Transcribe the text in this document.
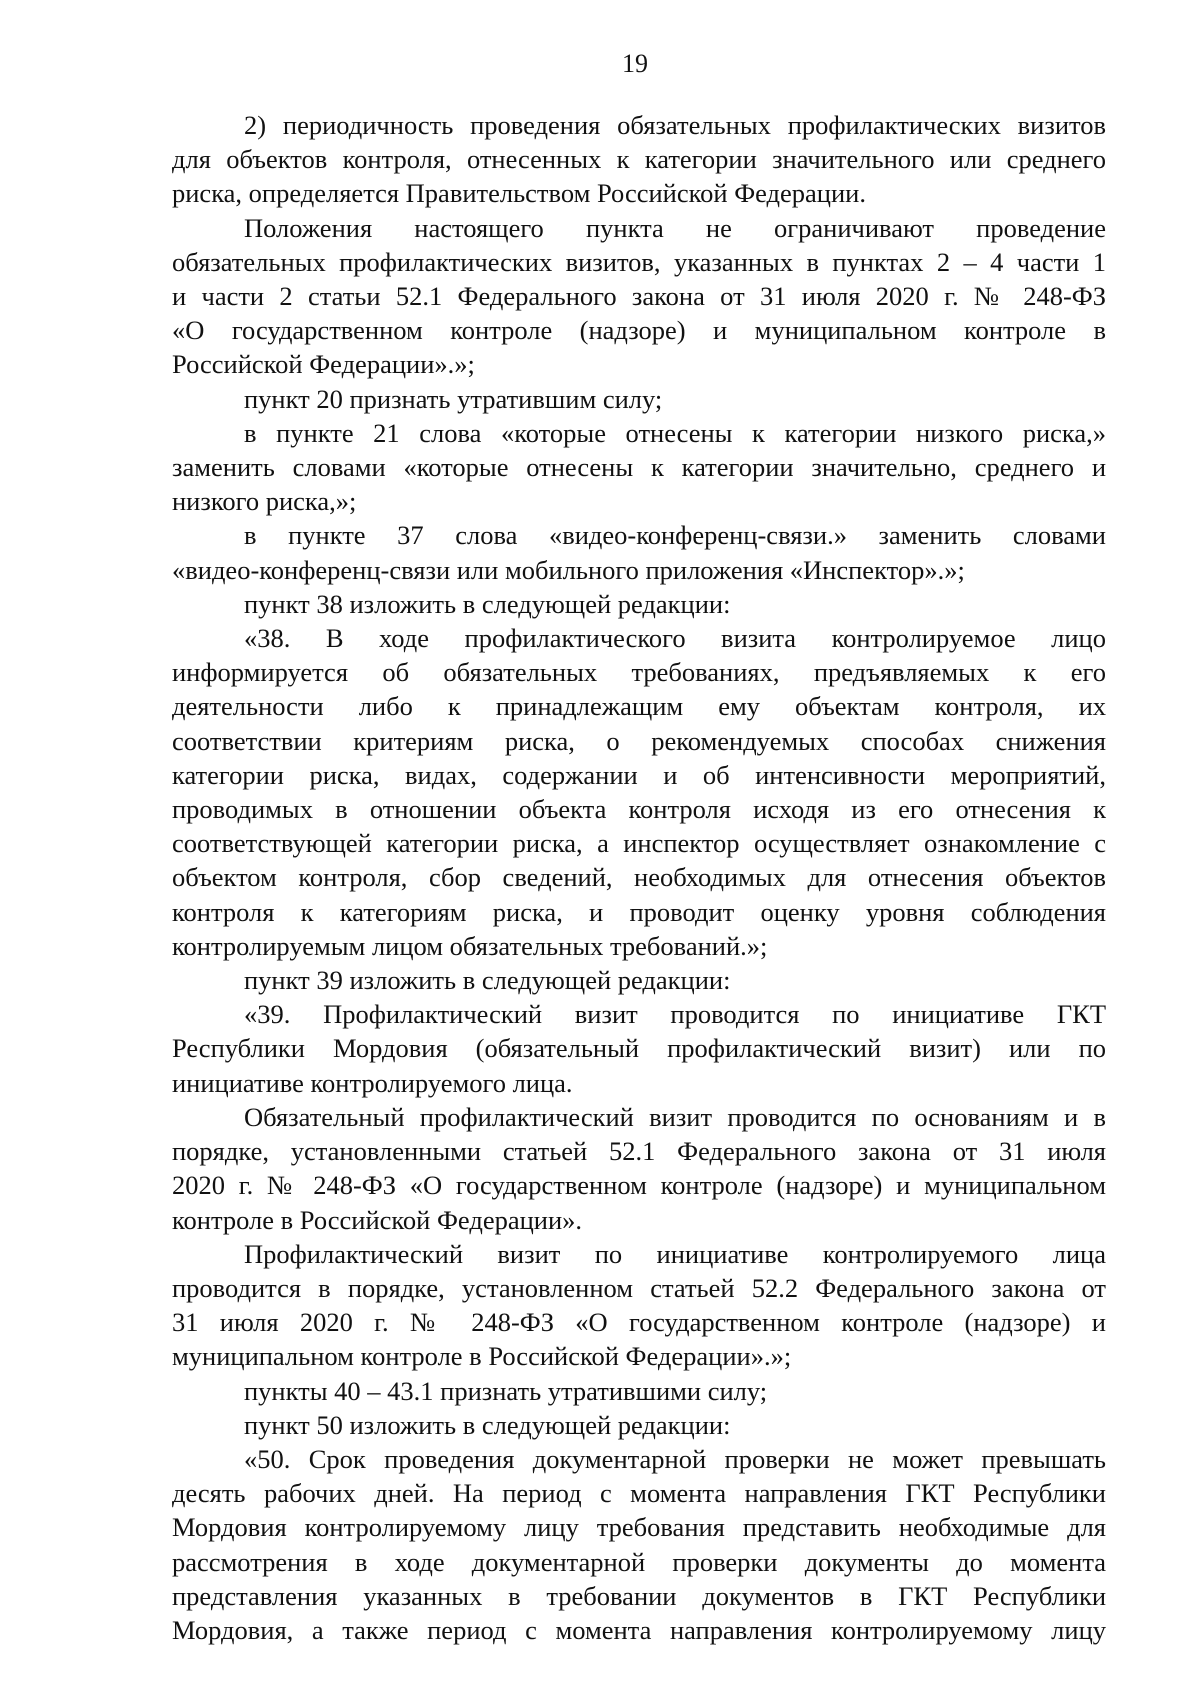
19
2) периодичность проведения обязательных профилактических визитов
для объектов контроля, отнесенных к категории значительного или среднего
риска, определяется Правительством Российской Федерации.
Положения настоящего пункта не ограничивают проведение
обязательных профилактических визитов, указанных в пунктах 2 – 4 части 1
и части 2 статьи 52.1 Федерального закона от 31 июля 2020 г. № 248-ФЗ
«О государственном контроле (надзоре) и муниципальном контроле в
Российской Федерации».»;
пункт 20 признать утратившим силу;
в пункте 21 слова «которые отнесены к категории низкого риска,»
заменить словами «которые отнесены к категории значительно, среднего и
низкого риска,»;
в пункте 37 слова «видео-конференц-связи.» заменить словами
«видео-конференц-связи или мобильного приложения «Инспектор».»;
пункт 38 изложить в следующей редакции:
«38. В ходе профилактического визита контролируемое лицо
информируется об обязательных требованиях, предъявляемых к его
деятельности либо к принадлежащим ему объектам контроля, их
соответствии критериям риска, о рекомендуемых способах снижения
категории риска, видах, содержании и об интенсивности мероприятий,
проводимых в отношении объекта контроля исходя из его отнесения к
соответствующей категории риска, а инспектор осуществляет ознакомление с
объектом контроля, сбор сведений, необходимых для отнесения объектов
контроля к категориям риска, и проводит оценку уровня соблюдения
контролируемым лицом обязательных требований.»;
пункт 39 изложить в следующей редакции:
«39. Профилактический визит проводится по инициативе ГКТ
Республики Мордовия (обязательный профилактический визит) или по
инициативе контролируемого лица.
Обязательный профилактический визит проводится по основаниям и в
порядке, установленными статьей 52.1 Федерального закона от 31 июля
2020 г. № 248-ФЗ «О государственном контроле (надзоре) и муниципальном
контроле в Российской Федерации».
Профилактический визит по инициативе контролируемого лица
проводится в порядке, установленном статьей 52.2 Федерального закона от
31 июля 2020 г. № 248-ФЗ «О государственном контроле (надзоре) и
муниципальном контроле в Российской Федерации».»;
пункты 40 – 43.1 признать утратившими силу;
пункт 50 изложить в следующей редакции:
«50. Срок проведения документарной проверки не может превышать
десять рабочих дней. На период с момента направления ГКТ Республики
Мордовия контролируемому лицу требования представить необходимые для
рассмотрения в ходе документарной проверки документы до момента
представления указанных в требовании документов в ГКТ Республики
Мордовия, а также период с момента направления контролируемому лицу
